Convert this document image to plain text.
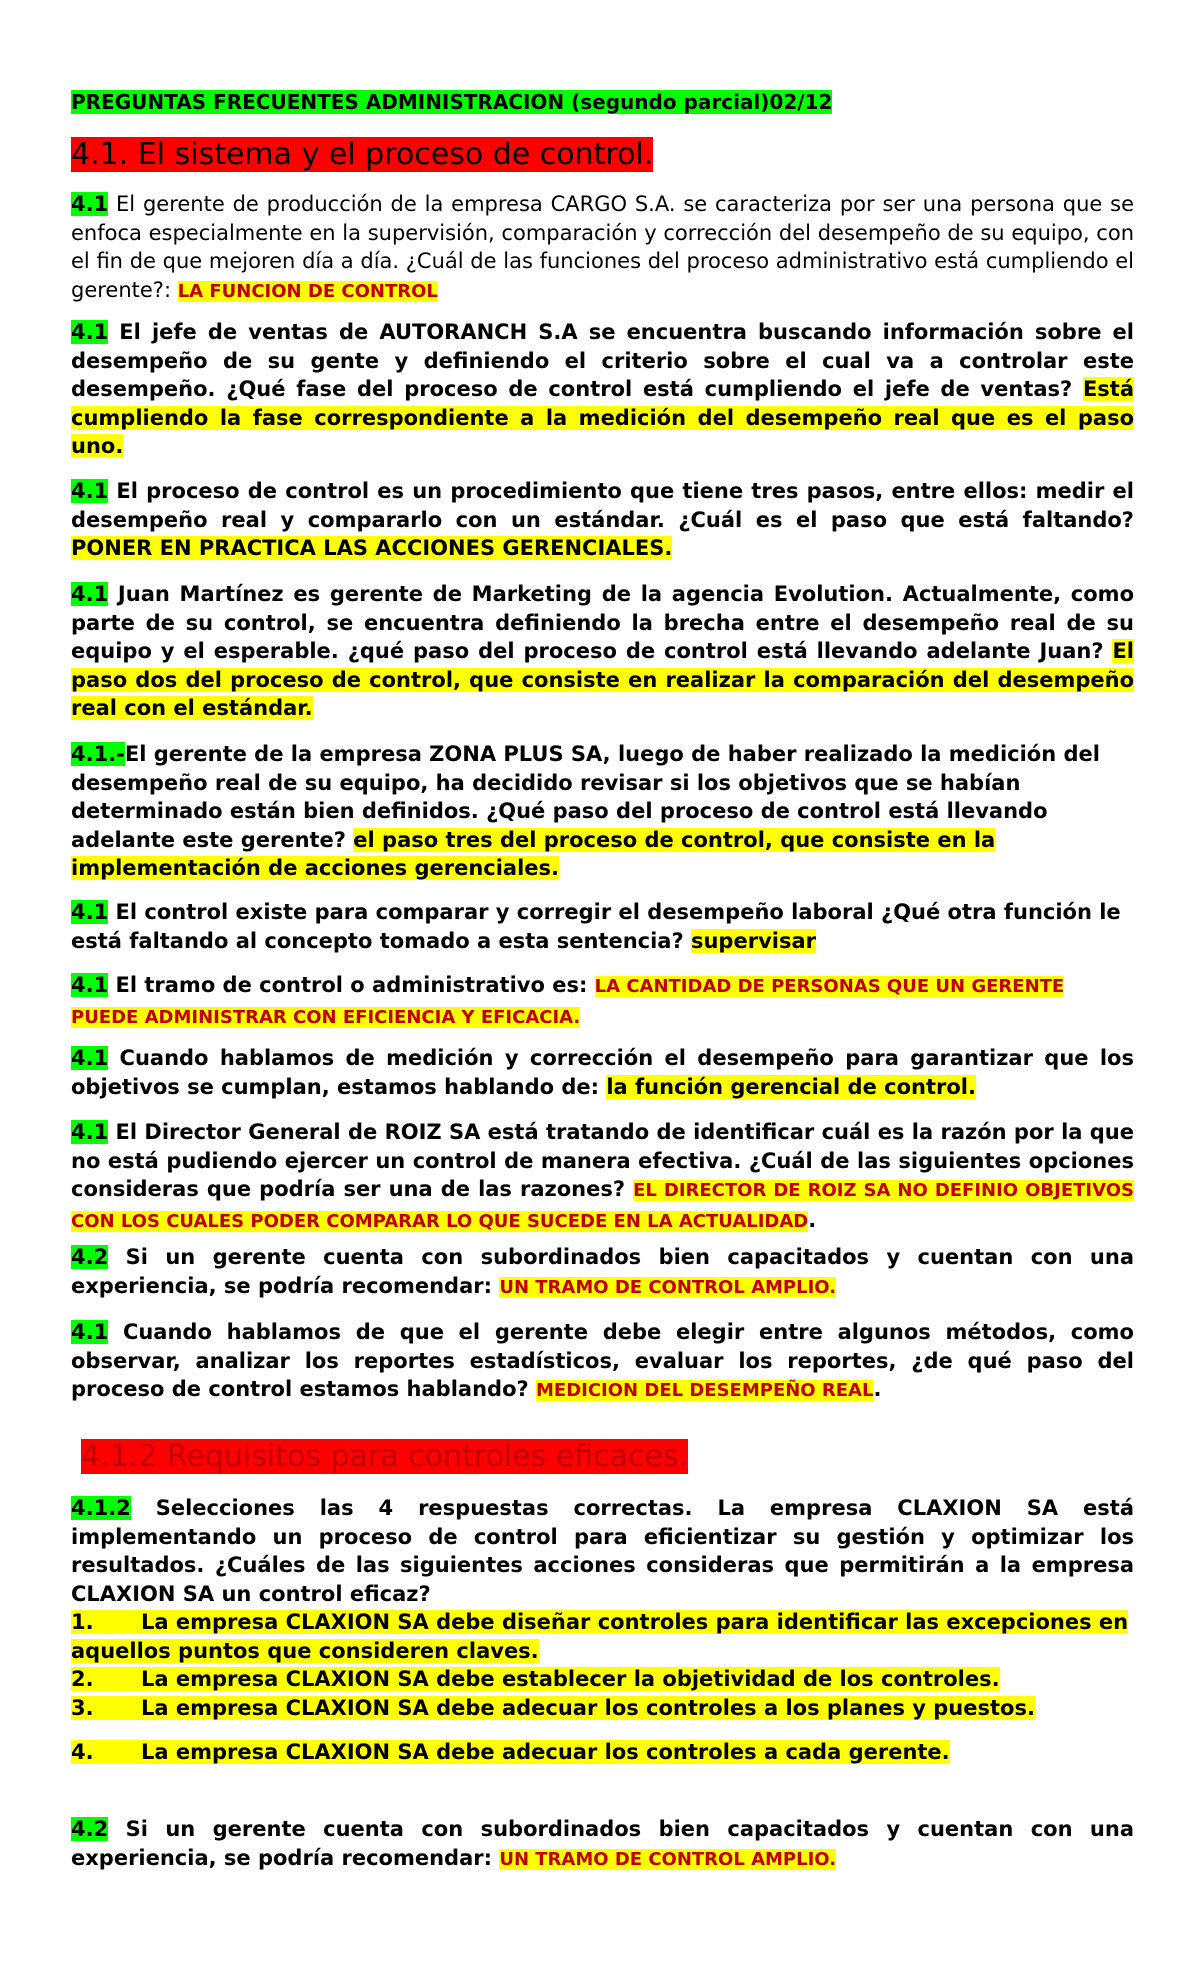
PREGUNTAS FRECUENTES ADMINISTRACION (segundo parcial)02/12
4.1. El sistema y el proceso de control.
4.1 El gerente de producción de la empresa CARGO S.A. se caracteriza por ser una persona que se enfoca especialmente en la supervisión, comparación y corrección del desempeño de su equipo, con el fin de que mejoren día a día. ¿Cuál de las funciones del proceso administrativo está cumpliendo el gerente?: LA FUNCION DE CONTROL
4.1 El jefe de ventas de AUTORANCH S.A se encuentra buscando información sobre el desempeño de su gente y definiendo el criterio sobre el cual va a controlar este desempeño. ¿Qué fase del proceso de control está cumpliendo el jefe de ventas? Está cumpliendo la fase correspondiente a la medición del desempeño real que es el paso uno.
4.1 El proceso de control es un procedimiento que tiene tres pasos, entre ellos: medir el desempeño real y compararlo con un estándar. ¿Cuál es el paso que está faltando? PONER EN PRACTICA LAS ACCIONES GERENCIALES.
4.1 Juan Martínez es gerente de Marketing de la agencia Evolution. Actualmente, como parte de su control, se encuentra definiendo la brecha entre el desempeño real de su equipo y el esperable. ¿qué paso del proceso de control está llevando adelante Juan? El paso dos del proceso de control, que consiste en realizar la comparación del desempeño real con el estándar.
4.1.-El gerente de la empresa ZONA PLUS SA, luego de haber realizado la medición del desempeño real de su equipo, ha decidido revisar si los objetivos que se habían determinado están bien definidos. ¿Qué paso del proceso de control está llevando adelante este gerente? el paso tres del proceso de control, que consiste en la implementación de acciones gerenciales.
4.1 El control existe para comparar y corregir el desempeño laboral ¿Qué otra función le está faltando al concepto tomado a esta sentencia? supervisar
4.1 El tramo de control o administrativo es: LA CANTIDAD DE PERSONAS QUE UN GERENTE PUEDE ADMINISTRAR CON EFICIENCIA Y EFICACIA.
4.1 Cuando hablamos de medición y corrección el desempeño para garantizar que los objetivos se cumplan, estamos hablando de: la función gerencial de control.
4.1 El Director General de ROIZ SA está tratando de identificar cuál es la razón por la que no está pudiendo ejercer un control de manera efectiva. ¿Cuál de las siguientes opciones consideras que podría ser una de las razones? EL DIRECTOR DE ROIZ SA NO DEFINIO OBJETIVOS CON LOS CUALES PODER COMPARAR LO QUE SUCEDE EN LA ACTUALIDAD.
4.2 Si un gerente cuenta con subordinados bien capacitados y cuentan con una experiencia, se podría recomendar: UN TRAMO DE CONTROL AMPLIO.
4.1 Cuando hablamos de que el gerente debe elegir entre algunos métodos, como observar, analizar los reportes estadísticos, evaluar los reportes, ¿de qué paso del proceso de control estamos hablando? MEDICION DEL DESEMPEÑO REAL.
4.1.2 Requisitos para controles eficaces.
4.1.2 Selecciones las 4 respuestas correctas. La empresa CLAXION SA está implementando un proceso de control para eficientizar su gestión y optimizar los resultados. ¿Cuáles de las siguientes acciones consideras que permitirán a la empresa CLAXION SA un control eficaz?
1. La empresa CLAXION SA debe diseñar controles para identificar las excepciones en aquellos puntos que consideren claves.
2. La empresa CLAXION SA debe establecer la objetividad de los controles.
3. La empresa CLAXION SA debe adecuar los controles a los planes y puestos.
4. La empresa CLAXION SA debe adecuar los controles a cada gerente.
4.2 Si un gerente cuenta con subordinados bien capacitados y cuentan con una experiencia, se podría recomendar: UN TRAMO DE CONTROL AMPLIO.
